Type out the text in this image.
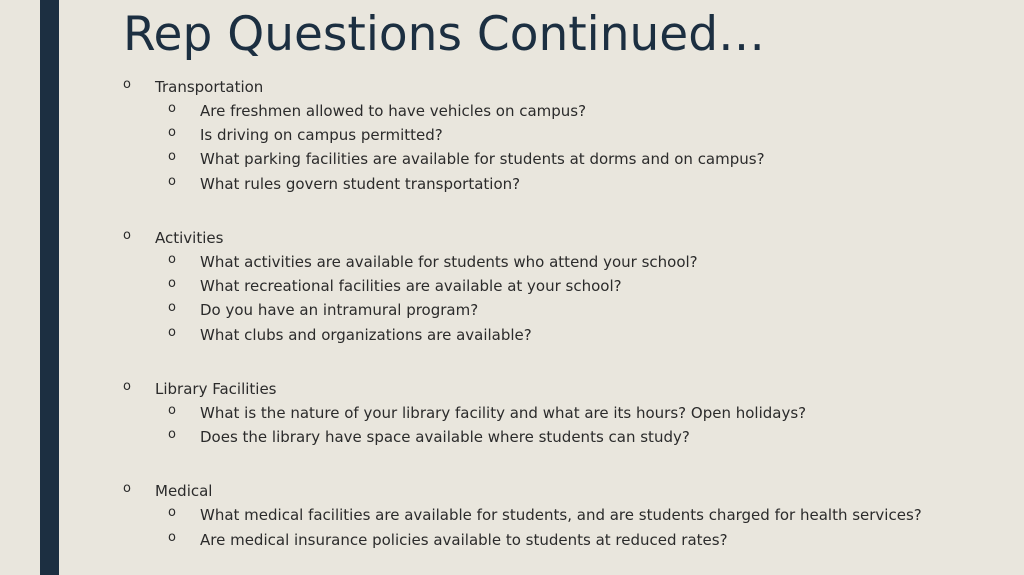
Rep Questions Continued…
o Transportation
o Are freshmen allowed to have vehicles on campus?
o Is driving on campus permitted?
o What parking facilities are available for students at dorms and on campus?
o What rules govern student transportation?
o Activities
o What activities are available for students who attend your school?
o What recreational facilities are available at your school?
o Do you have an intramural program?
o What clubs and organizations are available?
o Library Facilities
o What is the nature of your library facility and what are its hours? Open holidays?
o Does the library have space available where students can study?
o Medical
o What medical facilities are available for students, and are students charged for health services?
o Are medical insurance policies available to students at reduced rates?
